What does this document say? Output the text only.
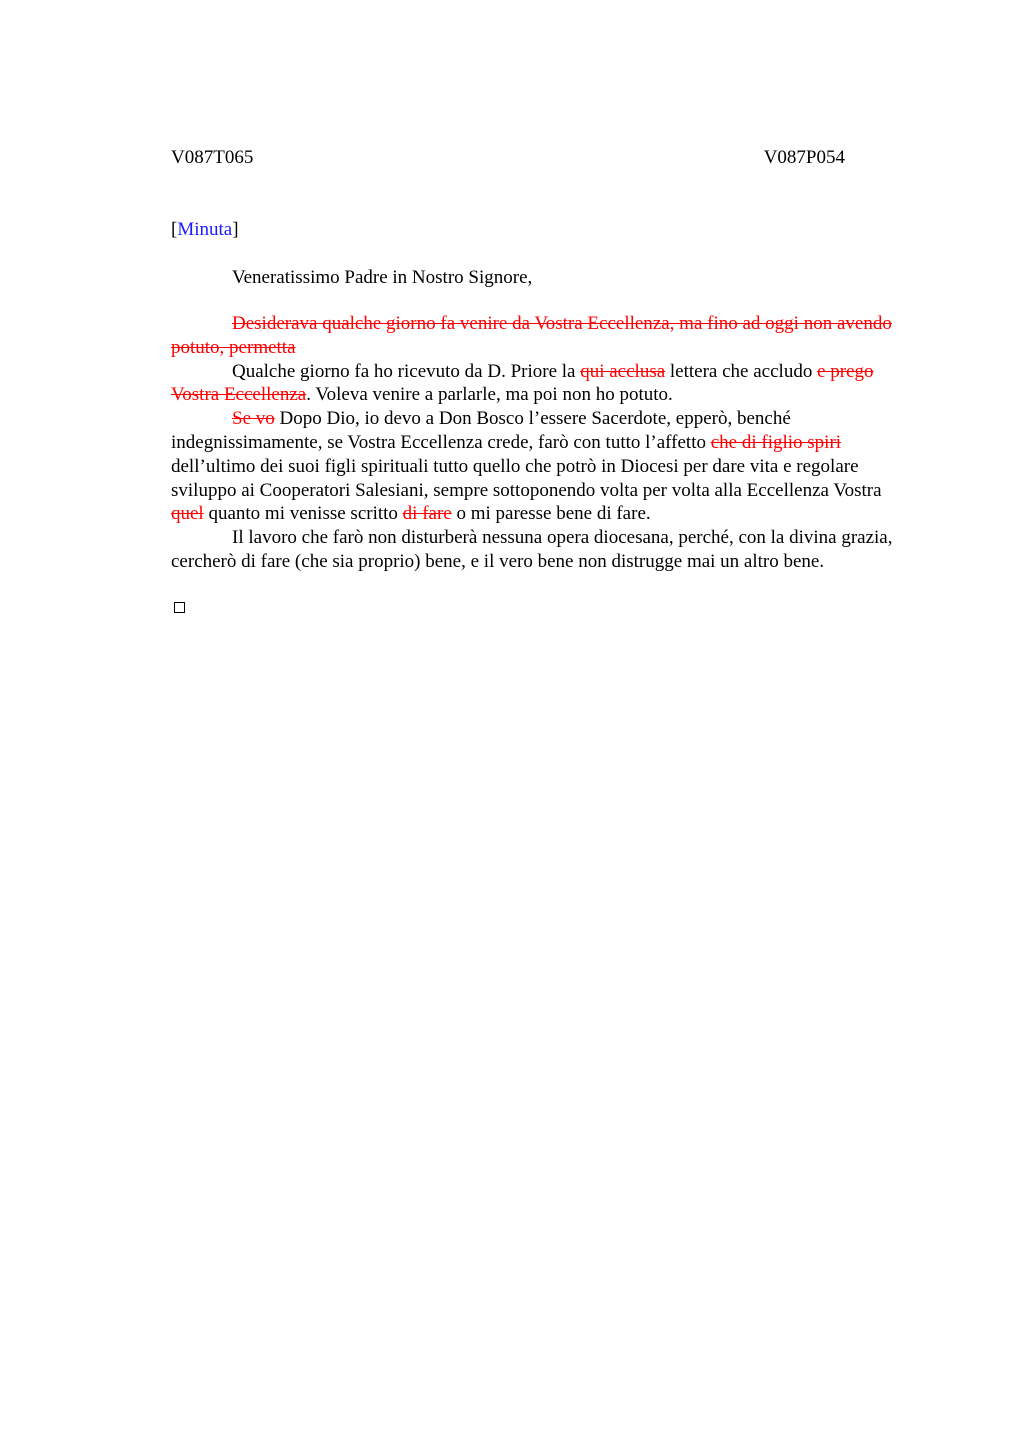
V087T065	V087P054
[Minuta]
Veneratissimo Padre in Nostro Signore,

Desiderava qualche giorno fa venire da Vostra Eccellenza, ma fino ad oggi non avendo potuto, permetta

Qualche giorno fa ho ricevuto da D. Priore la qui acclusa lettera che accludo e prego Vostra Eccellenza. Voleva venire a parlarle, ma poi non ho potuto.

Se vo Dopo Dio, io devo a Don Bosco l’essere Sacerdote, epperò, benché indegnissimamente, se Vostra Eccellenza crede, farò con tutto l’affetto che di figlio spiri dell’ultimo dei suoi figli spirituali tutto quello che potrò in Diocesi per dare vita e regolare sviluppo ai Cooperatori Salesiani, sempre sottoponendo volta per volta alla Eccellenza Vostra quel quanto mi venisse scritto di fare o mi paresse bene di fare.

Il lavoro che farò non disturberà nessuna opera diocesana, perché, con la divina grazia, cercherò di fare (che sia proprio) bene, e il vero bene non distrugge mai un altro bene.
